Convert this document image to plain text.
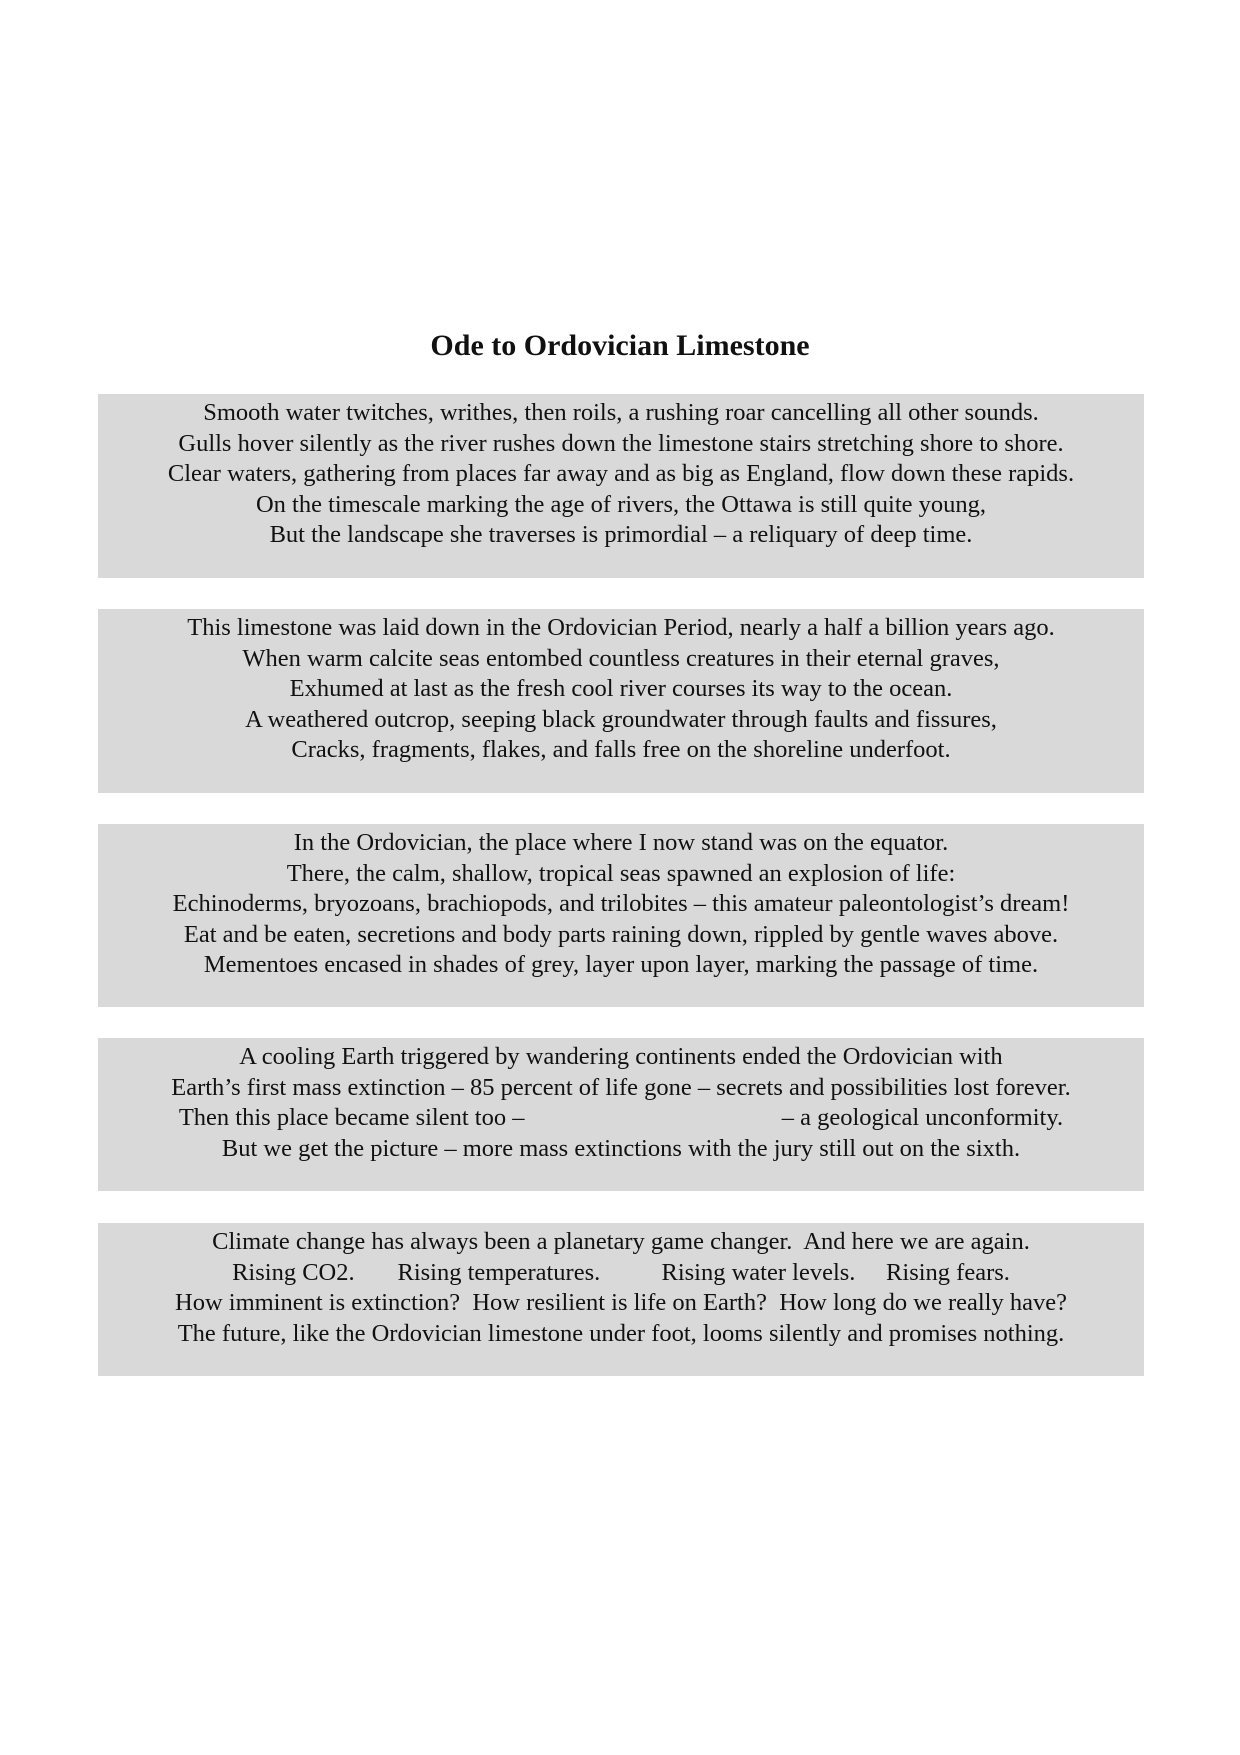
Ode to Ordovician Limestone
Smooth water twitches, writhes, then roils, a rushing roar cancelling all other sounds.
Gulls hover silently as the river rushes down the limestone stairs stretching shore to shore.
Clear waters, gathering from places far away and as big as England, flow down these rapids.
On the timescale marking the age of rivers, the Ottawa is still quite young,
But the landscape she traverses is primordial – a reliquary of deep time.
This limestone was laid down in the Ordovician Period, nearly a half a billion years ago.
When warm calcite seas entombed countless creatures in their eternal graves,
Exhumed at last as the fresh cool river courses its way to the ocean.
A weathered outcrop, seeping black groundwater through faults and fissures,
Cracks, fragments, flakes, and falls free on the shoreline underfoot.
In the Ordovician, the place where I now stand was on the equator.
There, the calm, shallow, tropical seas spawned an explosion of life:
Echinoderms, bryozoans, brachiopods, and trilobites – this amateur paleontologist’s dream!
Eat and be eaten, secretions and body parts raining down, rippled by gentle waves above.
Mementoes encased in shades of grey, layer upon layer, marking the passage of time.
A cooling Earth triggered by wandering continents ended the Ordovician with
Earth’s first mass extinction – 85 percent of life gone – secrets and possibilities lost forever.
Then this place became silent too –                                          – a geological unconformity.
But we get the picture – more mass extinctions with the jury still out on the sixth.
Climate change has always been a planetary game changer.  And here we are again.
Rising CO2.       Rising temperatures.          Rising water levels.     Rising fears.
How imminent is extinction?  How resilient is life on Earth?  How long do we really have?
The future, like the Ordovician limestone under foot, looms silently and promises nothing.
